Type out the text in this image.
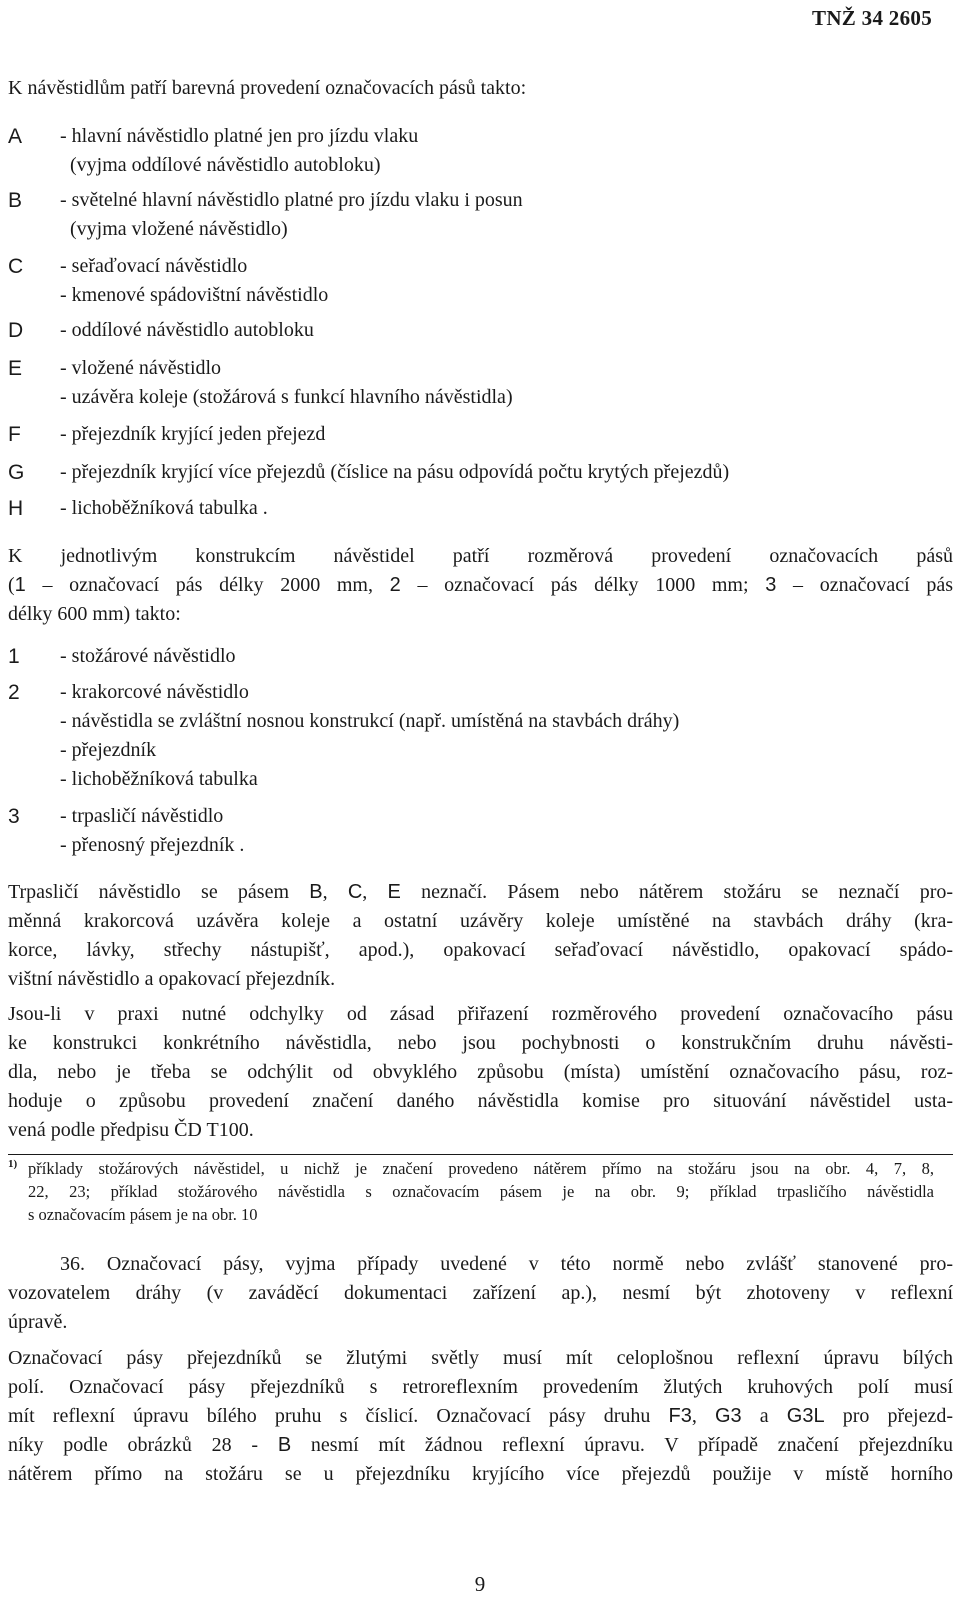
TNŽ 34 2605
K návěstidlům patří barevná provedení označovacích pásů takto:
A	- hlavní návěstidlo platné jen pro jízdu vlaku
(vyjma oddílové návěstidlo autobloku)
B	- světelné hlavní návěstidlo platné pro jízdu vlaku i posun
(vyjma vložené návěstidlo)
C	- seřaďovací návěstidlo
- kmenové spádovištní návěstidlo
D	- oddílové návěstidlo autobloku
E	- vložené návěstidlo
- uzávěra koleje (stožárová s funkcí hlavního návěstidla)
F	- přejezdník kryjící jeden přejezd
G	- přejezdník kryjící více přejezdů (číslice na pásu odpovídá počtu krytých přejezdů)
H	- lichoběžníková tabulka .
K jednotlivým konstrukcím návěstidel patří rozměrová provedení označovacích pásů
(1 – označovací pás délky 2000 mm, 2 – označovací pás délky 1000 mm; 3 – označovací pás
délky 600 mm) takto:
1	- stožárové návěstidlo
2	- krakorcové návěstidlo
- návěstidla se zvláštní nosnou konstrukcí (např. umístěná na stavbách dráhy)
- přejezdník
- lichoběžníková tabulka
3	- trpasličí návěstidlo
- přenosný přejezdník .
Trpasličí návěstidlo se pásem B, C, E neznačí. Pásem nebo nátěrem stožáru se neznačí pro-
měnná krakorcová uzávěra koleje a ostatní uzávěry koleje umístěné na stavbách dráhy (kra-
korce, lávky, střechy nástupišť, apod.), opakovací seřaďovací návěstidlo, opakovací spádo-
vištní návěstidlo a opakovací přejezdník.
Jsou-li v praxi nutné odchylky od zásad přiřazení rozměrového provedení označovacího pásu
ke konstrukci konkrétního návěstidla, nebo jsou pochybnosti o konstrukčním druhu návěsti-
dla, nebo je třeba se odchýlit od obvyklého způsobu (místa) umístění označovacího pásu, roz-
hoduje o způsobu provedení značení daného návěstidla komise pro situování návěstidel usta-
vená podle předpisu ČD T100.
1) příklady stožárových návěstidel, u nichž je značení provedeno nátěrem přímo na stožáru jsou na obr. 4, 7, 8,
22, 23; příklad stožárového návěstidla s označovacím pásem je na obr. 9; příklad trpasličího návěstidla
s označovacím pásem je na obr. 10
36. Označovací pásy, vyjma případy uvedené v této normě nebo zvlášť stanovené pro-
vozovatelem dráhy (v zaváděcí dokumentaci zařízení ap.), nesmí být zhotoveny v reflexní
úpravě.
Označovací pásy přejezdníků se žlutými světly musí mít celoplošnou reflexní úpravu bílých
polí. Označovací pásy přejezdníků s retroreflexním provedením žlutých kruhových polí musí
mít reflexní úpravu bílého pruhu s číslicí. Označovací pásy druhu F3, G3 a G3L pro přejezd-
níky podle obrázků 28 - B nesmí mít žádnou reflexní úpravu. V případě značení přejezdníku
nátěrem přímo na stožáru se u přejezdníku kryjícího více přejezdů použije v místě horního
9
